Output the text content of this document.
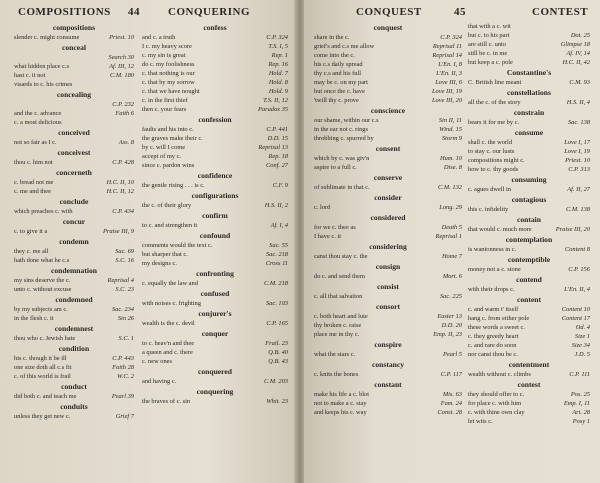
COMPOSITIONS 44	CONQUERING
compositions
slender c. might consume	Priest. 10
conceal
Search 30
what hidden place c.s	Af. III, 12
hast c. it not	C.M. 180
visards to c. his crimes
concealing
C.P. 232
and the c. advance	Faith 6
c. a most delicious
conceived
not so fair as I c.	Ass. 8
conceivest
thou c. him not	C.P. 428
concerneth
c. bread not me	H.C. II, 10
c. me and thee	H.C. II, 12
conclude
which preaches c. with	C.P. 434
concur
c. to give it a	Praise III, 9
condemn
they c. me all	Sac. 69
hath done what he c.s	S.C. 16
condemnation
my sins deserve the c.	Reprisal 4
unto c. without excuse	S.C. 23
condemned
by my subjects am c.	Sac. 234
in the flesh c. it	Sin 26
condemnest
thou who c. Jewish hate	S.C. 1
condition
his c. though it be ill	C.P. 443
one size doth all c.s fit	Faith 28
c. of this world is frail	W.C. 2
conduct
did both c. and teach me	Pearl 39
conduits
unless they get new c.	Grief 7
confess
and c. a truth	C.P. 324
I c. my heavy score	T.S. I, 5
c. my sin is great	Rep. 1
do c. my foolishness	Rep. 16
c. that nothing is our	Hold. 7
c. that by my sorrow	Hold. 8
c. that we have nought	Hold. 9
c. in the first thief	T.S. II, 12
then c. your fears	Paradox 35
confession
faults and his into c.	C.P. 441
the graves make their c.	D.D. 15
by c. will I come	Reprisal 13
accept of my c.	Rep. 18
since c. pardon wins	Conf. 27
confidence
the gentle rising . . . is c.	C.F. 9
configurations
the c. of their glory	H.S. II, 2
confirm
to c. and strengthen it	Af. I, 4
confound
comments would the text c.	Sac. 55
but sharper that c.	Sac. 218
my designs c.	Cross 11
confronting
c. equally the law and	C.M. 218
confused
with noises c. frighting	Sac. 103
conjurer's
wealth is the c. devil	C.P. 165
conquer
to c. heav'n and thee	Frail. 23
a queen and c. there	Q.B. 40
c. new ones	Q.B. 43
conquered
and having c.	C.M. 203
conquering
the braves of c. sin	Whit. 23
CONQUEST	45	CONTEST
conquest
share in the c.	C.P. 324
grief's and c.s me allow	Reprisal 11
come into the c.	Reprisal 14
his c.s daily spread	L'En. I, 8
thy c.s and his full	L'En. II, 3
may be c. on my part	Love III, 6
but once the c. have	Love III, 19
'twill thy c. prove	Love III, 20
conscience
our shame, within our c.s	Sin II, 11
in the ear not c. rings	Wind. 15
throbbing c. spurred by	Storm 9
consent
which by c. was giv'n	Hum. 10
aspire to a full c.	Dise. 8
conserve
of sublimate in that c.	C.M. 132
consider
c. lord	Long. 29
considered
for we c. thee as	Death 5
I have c. it	Reprisal 1
considering
canst thou stay c. the	Home 7
consign
do c. and send them	Mort. 6
consist
c. all that salvation	Sac. 225
consort
c. both heart and lute	Easter 13
thy broken c. raise	D.D. 20
place me in thy c.	Emp. II, 23
conspire
what the stars c.	Pearl 5
constancy
c. knits the bones	C.P. 117
constant
make his life a c. blot	Mis. 63
not to make a c. stay	Fam. 24
and keeps his c. way	Const. 28
that with a c. wit
but c. to his part	Dot. 25
are still c. unto	Glimpse 18
still be c. in me	Af. IV, 14
but keep a c. pole	H.C. II, 42
Constantine's
C. British line meant	C.M. 93
constellations
all the c. of the story	H.S. II, 4
constrain
bears it for me by c.	Sac. 138
consume
shall c. the world	Love I, 17
to stay c. our lusts	Love I, 19
compositions might c.	Priest. 10
how to c. thy goods	C.P. 313
consuming
c. agues dwell in	Af. II, 27
contagious
this c. infidelity	C.M. 138
contain
that would c. much more	Praise III, 20
contemplation
is wantonness in c.	Content 8
contemptible
money not a c. stone	C.P. 156
contend
with their drops c.	L'En. II, 4
content
c. and warm t' itself	Content 10
hang c. from either pole	Content 17
these words a sweet c.	Od. 4
c. they greedy heart	Size 1
c. and rare do soon	Size 34
nor canst thou be c.	J.D. 5
contentment
wealth without c. climbs	C.P. 111
contest
they should offer to c.	Pos. 25
for place c. with him	Emp. I, 11
c. with thine own clay	Art. 28
let wits c.	Posy 1
